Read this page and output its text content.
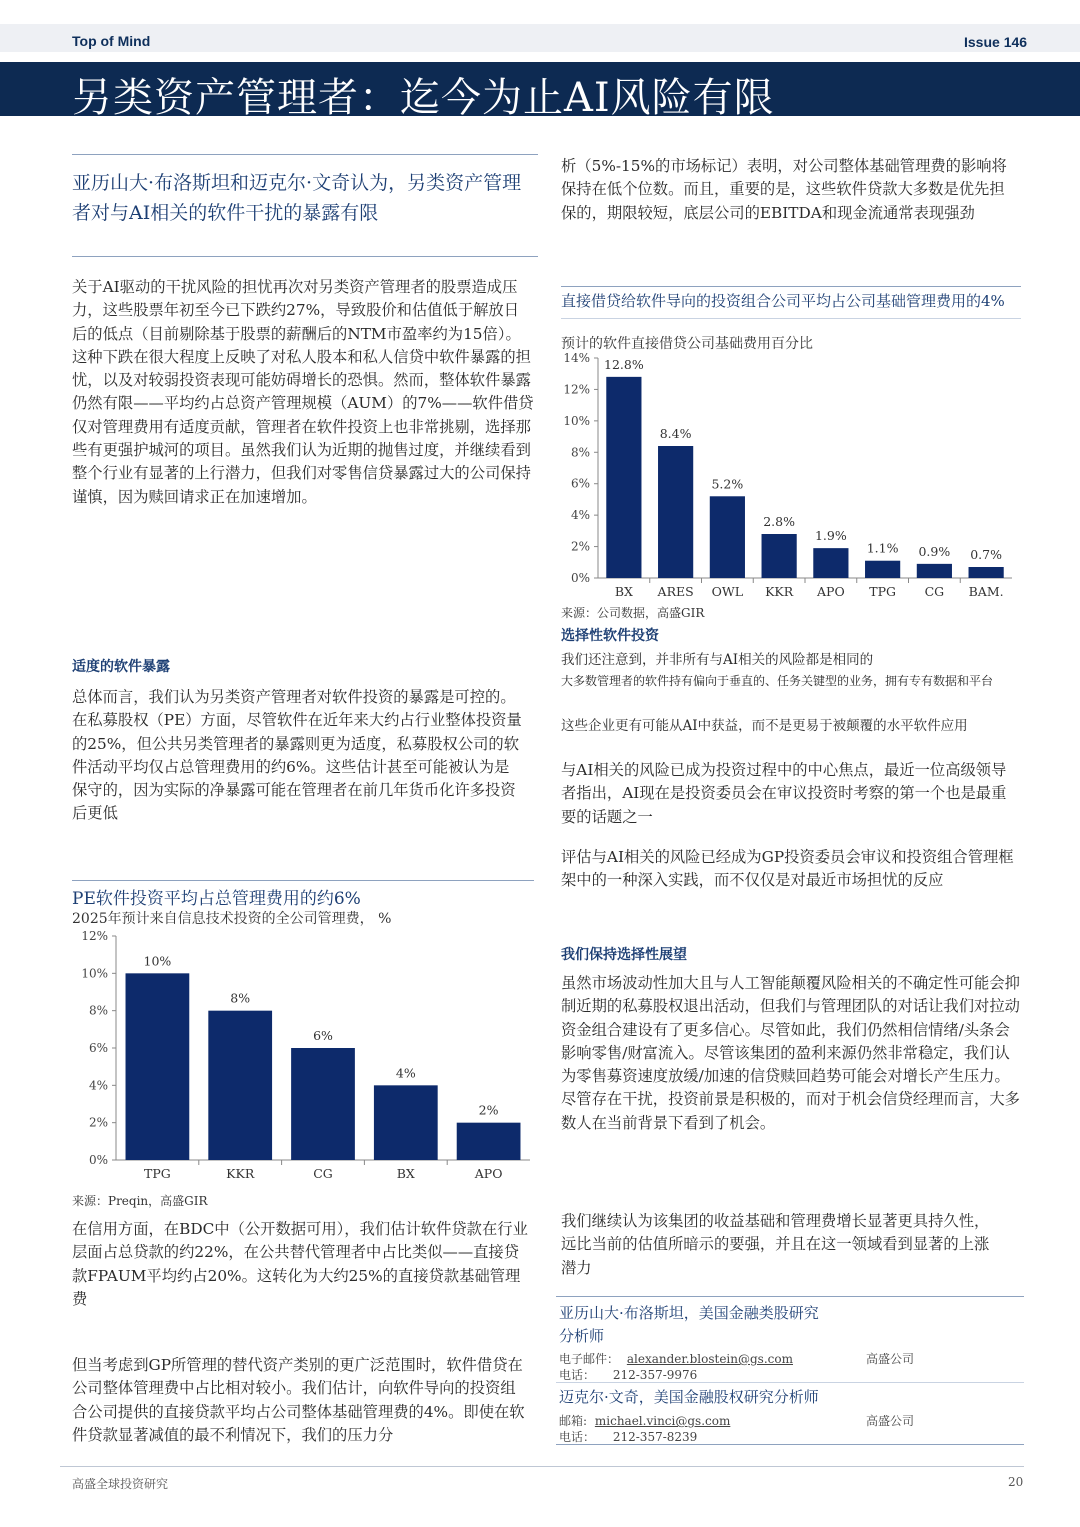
Top of Mind	Issue 146
另类资产管理者：迄今为止AI风险有限
亚历山大·布洛斯坦和迈克尔·文奇认为，另类资产管理者对与AI相关的软件干扰的暴露有限
关于AI驱动的干扰风险的担忧再次对另类资产管理者的股票造成压力，这些股票年初至今已下跌约27%，导致股价和估值低于解放日后的低点（目前剔除基于股票的薪酬后的NTM市盈率约为15倍）。这种下跌在很大程度上反映了对私人股本和私人信贷中软件暴露的担忧，以及对较弱投资表现可能妨碍增长的恐惧。然而，整体软件暴露仍然有限——平均约占总资产管理规模（AUM）的7%——软件借贷仅对管理费用有适度贡献，管理者在软件投资上也非常挑剔，选择那些有更强护城河的项目。虽然我们认为近期的抛售过度，并继续看到整个行业有显著的上行潜力，但我们对零售信贷暴露过大的公司保持谨慎，因为赎回请求正在加速增加。
适度的软件暴露
总体而言，我们认为另类资产管理者对软件投资的暴露是可控的。在私募股权（PE）方面，尽管软件在近年来大约占行业整体投资量的25%，但公共另类管理者的暴露则更为适度，私募股权公司的软件活动平均仅占总管理费用的约6%。这些估计甚至可能被认为是保守的，因为实际的净暴露可能在管理者在前几年货币化许多投资后更低
PE软件投资平均占总管理费用的约6%
2025年预计来自信息技术投资的全公司管理费， %
0%
2%
4%
6%
8%
10%
12%
10%
TPG
8%
KKR
6%
CG
4%
BX
2%
APO
来源：Preqin，高盛GIR
在信用方面，在BDC中（公开数据可用），我们估计软件贷款在行业层面占总贷款的约22%，在公共替代管理者中占比类似——直接贷款FPAUM平均约占20%。这转化为大约25%的直接贷款基础管理费
但当考虑到GP所管理的替代资产类别的更广泛范围时，软件借贷在公司整体管理费中占比相对较小。我们估计，向软件导向的投资组合公司提供的直接贷款平均占公司整体基础管理费的4%。即使在软件贷款显著减值的最不利情况下，我们的压力分
析（5%-15%的市场标记）表明，对公司整体基础管理费的影响将保持在低个位数。而且，重要的是，这些软件贷款大多数是优先担保的，期限较短，底层公司的EBITDA和现金流通常表现强劲
直接借贷给软件导向的投资组合公司平均占公司基础管理费用的4%
预计的软件直接借贷公司基础费用百分比
0%
2%
4%
6%
8%
10%
12%
14% 12.8%
BX
8.4%
ARES
5.2%
OWL
2.8%
KKR
1.9%
APO
1.1%
TPG
0.9%
CG
0.7%
BAM.
来源：公司数据，高盛GIR
选择性软件投资
我们还注意到，并非所有与AI相关的风险都是相同的
大多数管理者的软件持有偏向于垂直的、任务关键型的业务，拥有专有数据和平台
这些企业更有可能从AI中获益，而不是更易于被颠覆的水平软件应用
与AI相关的风险已成为投资过程中的中心焦点，最近一位高级领导者指出，AI现在是投资委员会在审议投资时考察的第一个也是最重要的话题之一
评估与AI相关的风险已经成为GP投资委员会审议和投资组合管理框架中的一种深入实践，而不仅仅是对最近市场担忧的反应
我们保持选择性展望
虽然市场波动性加大且与人工智能颠覆风险相关的不确定性可能会抑制近期的私募股权退出活动，但我们与管理团队的对话让我们对拉动资金组合建设有了更多信心。尽管如此，我们仍然相信情绪/头条会影响零售/财富流入。尽管该集团的盈利来源仍然非常稳定，我们认为零售募资速度放缓/加速的信贷赎回趋势可能会对增长产生压力。尽管存在干扰，投资前景是积极的，而对于机会信贷经理而言，大多数人在当前背景下看到了机会。
我们继续认为该集团的收益基础和管理费增长显著更具持久性，远比当前的估值所暗示的要强，并且在这一领域看到显著的上涨潜力
亚历山大·布洛斯坦，美国金融类股研究
分析师
电子邮件： alexander.blostein@gs.com	高盛公司
电话： 212-357-9976
迈克尔·文奇，美国金融股权研究分析师
邮箱: michael.vinci@gs.com	高盛公司
电话： 212-357-8239
高盛全球投资研究	20
